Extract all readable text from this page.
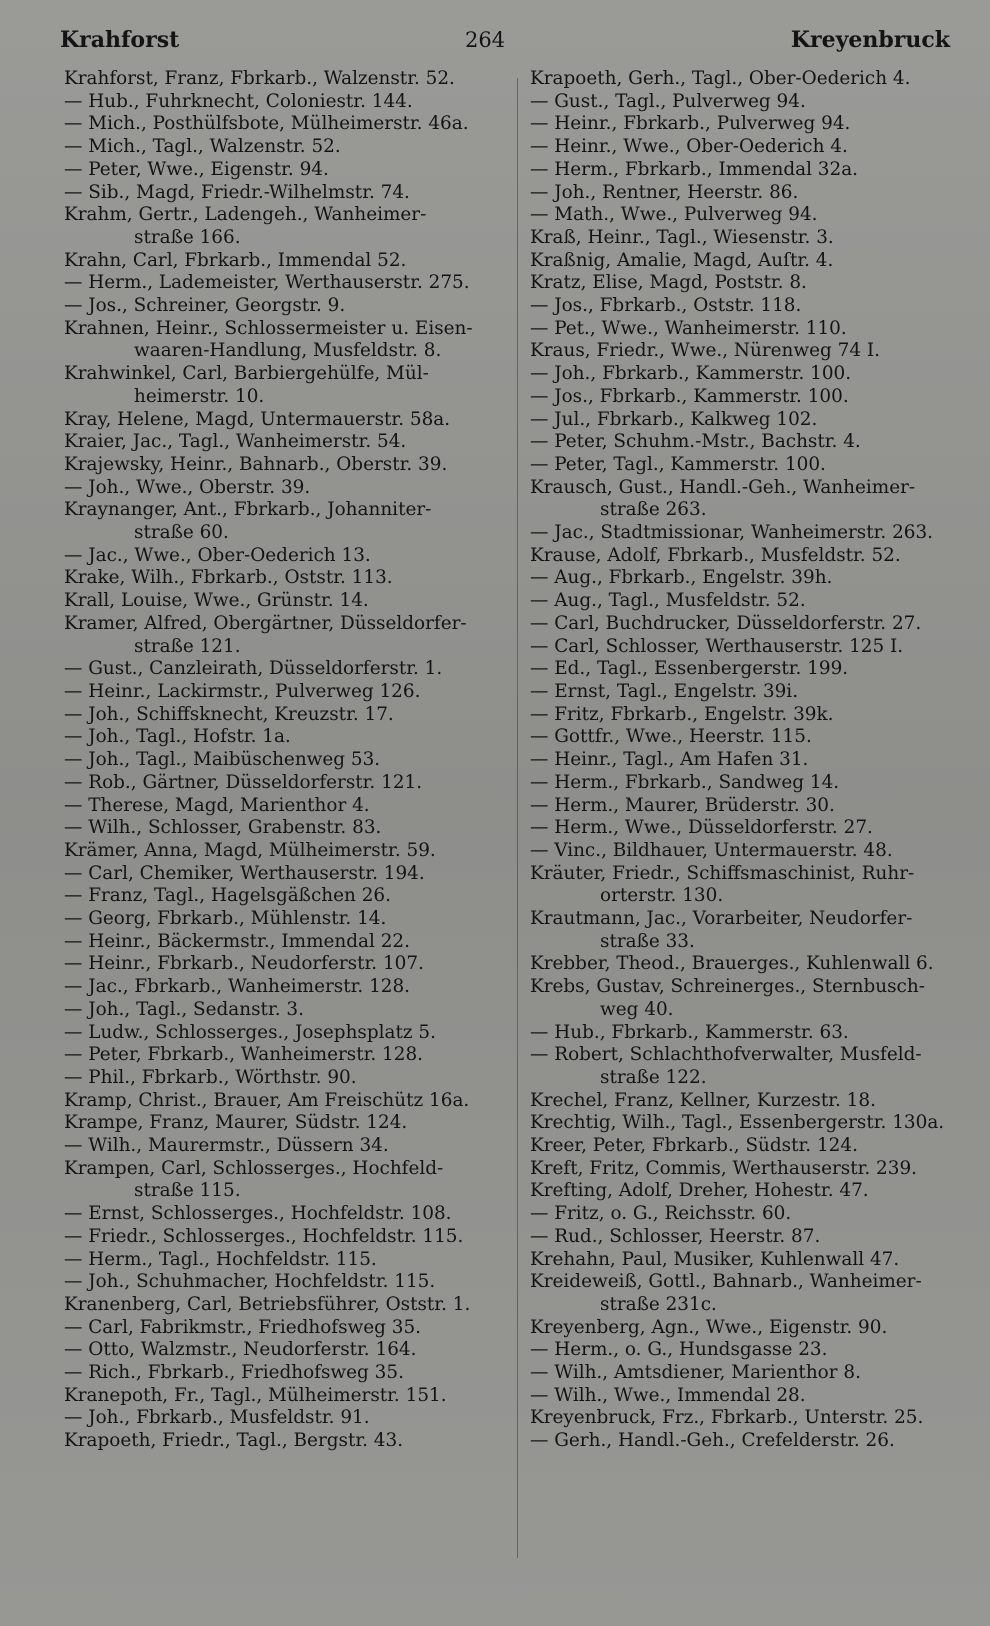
Krahforst	264	Kreyenbruck
Krahforst, Franz, Fbrkarb., Walzenstr. 52.
— Hub., Fuhrknecht, Coloniestr. 144.
— Mich., Posthülfsbote, Mülheimerstr. 46a.
— Mich., Tagl., Walzenstr. 52.
— Peter, Wwe., Eigenstr. 94.
— Sib., Magd, Friedr.-Wilhelmstr. 74.
Krahm, Gertr., Ladengeh., Wanheimer-
straße 166.
Krahn, Carl, Fbrkarb., Immendal 52.
— Herm., Lademeister, Werthauserstr. 275.
— Jos., Schreiner, Georgstr. 9.
Krahnen, Heinr., Schlossermeister u. Eisen-
waaren-Handlung, Musfeldstr. 8.
Krahwinkel, Carl, Barbiergehülfe, Mül-
heimerstr. 10.
Kray, Helene, Magd, Untermauerstr. 58a.
Kraier, Jac., Tagl., Wanheimerstr. 54.
Krajewsky, Heinr., Bahnarb., Oberstr. 39.
— Joh., Wwe., Oberstr. 39.
Kraynanger, Ant., Fbrkarb., Johanniter-
straße 60.
— Jac., Wwe., Ober-Oederich 13.
Krake, Wilh., Fbrkarb., Oststr. 113.
Krall, Louise, Wwe., Grünstr. 14.
Kramer, Alfred, Obergärtner, Düsseldorfer-
straße 121.
— Gust., Canzleirath, Düsseldorferstr. 1.
— Heinr., Lackirmstr., Pulverweg 126.
— Joh., Schiffsknecht, Kreuzstr. 17.
— Joh., Tagl., Hofstr. 1a.
— Joh., Tagl., Maibüschenweg 53.
— Rob., Gärtner, Düsseldorferstr. 121.
— Therese, Magd, Marienthor 4.
— Wilh., Schlosser, Grabenstr. 83.
Krämer, Anna, Magd, Mülheimerstr. 59.
— Carl, Chemiker, Werthauserstr. 194.
— Franz, Tagl., Hagelsgäßchen 26.
— Georg, Fbrkarb., Mühlenstr. 14.
— Heinr., Bäckermstr., Immendal 22.
— Heinr., Fbrkarb., Neudorferstr. 107.
— Jac., Fbrkarb., Wanheimerstr. 128.
— Joh., Tagl., Sedanstr. 3.
— Ludw., Schlosserges., Josephsplatz 5.
— Peter, Fbrkarb., Wanheimerstr. 128.
— Phil., Fbrkarb., Wörthstr. 90.
Kramp, Christ., Brauer, Am Freischütz 16a.
Krampe, Franz, Maurer, Südstr. 124.
— Wilh., Maurermstr., Düssern 34.
Krampen, Carl, Schlosserges., Hochfeld-
straße 115.
— Ernst, Schlosserges., Hochfeldstr. 108.
— Friedr., Schlosserges., Hochfeldstr. 115.
— Herm., Tagl., Hochfeldstr. 115.
— Joh., Schuhmacher, Hochfeldstr. 115.
Kranenberg, Carl, Betriebsführer, Oststr. 1.
— Carl, Fabrikmstr., Friedhofsweg 35.
— Otto, Walzmstr., Neudorferstr. 164.
— Rich., Fbrkarb., Friedhofsweg 35.
Kranepoth, Fr., Tagl., Mülheimerstr. 151.
— Joh., Fbrkarb., Musfeldstr. 91.
Krapoeth, Friedr., Tagl., Bergstr. 43.
Krapoeth, Gerh., Tagl., Ober-Oederich 4.
— Gust., Tagl., Pulverweg 94.
— Heinr., Fbrkarb., Pulverweg 94.
— Heinr., Wwe., Ober-Oederich 4.
— Herm., Fbrkarb., Immendal 32a.
— Joh., Rentner, Heerstr. 86.
— Math., Wwe., Pulverweg 94.
Kraß, Heinr., Tagl., Wiesenstr. 3.
Kraßnig, Amalie, Magd, Auſtr. 4.
Kratz, Elise, Magd, Poststr. 8.
— Jos., Fbrkarb., Oststr. 118.
— Pet., Wwe., Wanheimerstr. 110.
Kraus, Friedr., Wwe., Nürenweg 74 I.
— Joh., Fbrkarb., Kammerstr. 100.
— Jos., Fbrkarb., Kammerstr. 100.
— Jul., Fbrkarb., Kalkweg 102.
— Peter, Schuhm.-Mstr., Bachstr. 4.
— Peter, Tagl., Kammerstr. 100.
Krausch, Gust., Handl.-Geh., Wanheimer-
straße 263.
— Jac., Stadtmissionar, Wanheimerstr. 263.
Krause, Adolf, Fbrkarb., Musfeldstr. 52.
— Aug., Fbrkarb., Engelstr. 39h.
— Aug., Tagl., Musfeldstr. 52.
— Carl, Buchdrucker, Düsseldorferstr. 27.
— Carl, Schlosser, Werthauserstr. 125 I.
— Ed., Tagl., Essenbergerstr. 199.
— Ernst, Tagl., Engelstr. 39i.
— Fritz, Fbrkarb., Engelstr. 39k.
— Gottfr., Wwe., Heerstr. 115.
— Heinr., Tagl., Am Hafen 31.
— Herm., Fbrkarb., Sandweg 14.
— Herm., Maurer, Brüderstr. 30.
— Herm., Wwe., Düsseldorferstr. 27.
— Vinc., Bildhauer, Untermauerstr. 48.
Kräuter, Friedr., Schiffsmaschinist, Ruhr-
orterstr. 130.
Krautmann, Jac., Vorarbeiter, Neudorfer-
straße 33.
Krebber, Theod., Brauerges., Kuhlenwall 6.
Krebs, Gustav, Schreinerges., Sternbusch-
weg 40.
— Hub., Fbrkarb., Kammerstr. 63.
— Robert, Schlachthofverwalter, Musfeld-
straße 122.
Krechel, Franz, Kellner, Kurzestr. 18.
Krechtig, Wilh., Tagl., Essenbergerstr. 130a.
Kreer, Peter, Fbrkarb., Südstr. 124.
Kreft, Fritz, Commis, Werthauserstr. 239.
Krefting, Adolf, Dreher, Hohestr. 47.
— Fritz, o. G., Reichsstr. 60.
— Rud., Schlosser, Heerstr. 87.
Krehahn, Paul, Musiker, Kuhlenwall 47.
Kreideweiß, Gottl., Bahnarb., Wanheimer-
straße 231c.
Kreyenberg, Agn., Wwe., Eigenstr. 90.
— Herm., o. G., Hundsgasse 23.
— Wilh., Amtsdiener, Marienthor 8.
— Wilh., Wwe., Immendal 28.
Kreyenbruck, Frz., Fbrkarb., Unterstr. 25.
— Gerh., Handl.-Geh., Crefelderstr. 26.
